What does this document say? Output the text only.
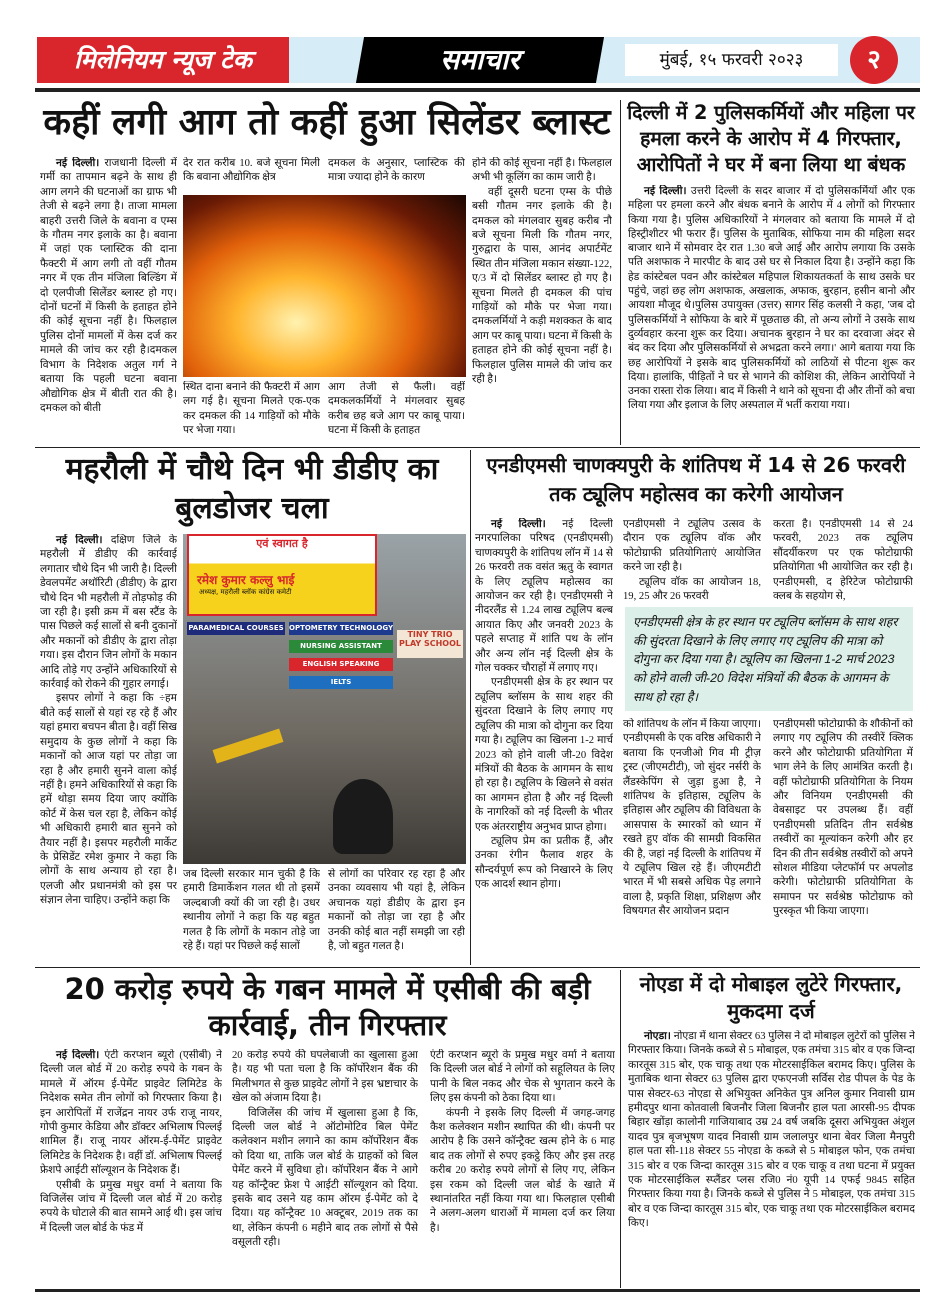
मिलेनियम न्यूज टेक	समाचार	मुंबई, १५ फरवरी २०२३	२
कहीं लगी आग तो कहीं हुआ सिलेंडर ब्लास्ट

नई दिल्ली। राजधानी दिल्ली में गर्मी का तापमान बढ़ने के साथ ही आग लगने की घटनाओं का ग्राफ भी तेजी से बढ़ने लगा है। ताजा मामला बाहरी उत्तरी जिले के बवाना व एम्स के गौतम नगर इलाके का है। बवाना में जहां एक प्लास्टिक की दाना फैक्टरी में आग लगी तो वहीं गौतम नगर में एक तीन मंजिला बिल्डिंग में दो एलपीजी सिलेंडर ब्लास्ट हो गए। दोनों घटनों में किसी के हताहत होने की कोई सूचना नहीं है। फिलहाल पुलिस दोनों मामलों में केस दर्ज कर मामले की जांच कर रही है।दमकल विभाग के निदेशक अतुल गर्ग ने बताया कि पहली घटना बवाना औद्योगिक क्षेत्र में बीती रात की है। दमकल को बीती

देर रात करीब 10. बजे सूचना मिली कि बवाना औद्योगिक क्षेत्र
दमकल के अनुसार, प्लास्टिक की मात्रा ज्यादा होने के कारण
स्थित दाना बनाने की फैक्टरी में आग लग गई है। सूचना मिलते एक-एक कर दमकल की 14 गाड़ियों को मौके पर भेजा गया।
आग तेजी से फैली। वहीं दमकलकर्मियों ने मंगलवार सुबह करीब छह बजे आग पर काबू पाया। घटना में किसी के हताहत
होने की कोई सूचना नहीं है। फिलहाल अभी भी कूलिंग का काम जारी है।

वहीं दूसरी घटना एम्स के पीछे बसी गौतम नगर इलाके की है। दमकल को मंगलवार सुबह करीब नौ बजे सूचना मिली कि गौतम नगर, गुरुद्वारा के पास, आनंद अपार्टमेंट स्थित तीन मंजिला मकान संख्या-122, ए/3 में दो सिलेंडर ब्लास्ट हो गए है। सूचना मिलते ही दमकल की पांच गाड़ियों को मौके पर भेजा गया। दमकलर्मियों ने कड़ी मशक्कत के बाद आग पर काबू पाया। घटना में किसी के हताहत होने की कोई सूचना नहीं है। फिलहाल पुलिस मामले की जांच कर रही है।

दिल्ली में 2 पुलिसकर्मियों और महिला पर हमला करने के आरोप में 4 गिरफ्तार, आरोपितों ने घर में बना लिया था बंधक

नई दिल्ली। उत्तरी दिल्ली के सदर बाजार में दो पुलिसकर्मियों और एक महिला पर हमला करने और बंधक बनाने के आरोप में 4 लोगों को गिरफ्तार किया गया है। पुलिस अधिकारियों ने मंगलवार को बताया कि मामले में दो हिस्ट्रीशीटर भी फरार हैं। पुलिस के मुताबिक, सोफिया नाम की महिला सदर बाजार थाने में सोमवार देर रात 1.30 बजे आई और आरोप लगाया कि उसके पति अशफाक ने मारपीट के बाद उसे घर से निकाल दिया है। उन्होंने कहा कि हेड कांस्टेबल पवन और कांस्टेबल महिपाल शिकायतकर्ता के साथ उसके घर पहुंचे, जहां छह लोग अशफाक, अखलाक, अफाक, बुरहान, हसीन बानो और आयशा मौजूद थे।पुलिस उपायुक्त (उत्तर) सागर सिंह कलसी ने कहा, 'जब दो पुलिसकर्मियों ने सोफिया के बारे में पूछताछ की, तो अन्य लोगों ने उसके साथ दुर्व्यवहार करना शुरू कर दिया। अचानक बुरहान ने घर का दरवाजा अंदर से बंद कर दिया और पुलिसकर्मियों से अभद्रता करने लगा।' आगे बताया गया कि छह आरोपियों ने इसके बाद पुलिसकर्मियों को लाठियों से पीटना शुरू कर दिया। हालांकि, पीड़ितों ने घर से भागने की कोशिश की, लेकिन आरोपियों ने उनका रास्ता रोक लिया। बाद में किसी ने थाने को सूचना दी और तीनों को बचा लिया गया और इलाज के लिए अस्पताल में भर्ती कराया गया।

महरौली में चौथे दिन भी डीडीए का बुलडोजर चला

नई दिल्ली। दक्षिण जिले के महरौली में डीडीए की कार्रवाई लगातार चौथे दिन भी जारी है। दिल्ली डेवलपमेंट अथॉरिटी (डीडीए) के द्वारा चौथे दिन भी महरौली में तोड़फोड़ की जा रही है। इसी क्रम में बस स्टैंड के पास पिछले कई सालों से बनी दुकानों और मकानों को डीडीए के द्वारा तोड़ा गया। इस दौरान जिन लोगों के मकान आदि तोड़े गए उन्होंने अधिकारियों से कार्रवाई को रोकने की गुहार लगाई।

इसपर लोगों ने कहा कि ÷हम बीते कई सालों से यहां रह रहे हैं और यहां हमारा बचपन बीता है। वहीं सिख समुदाय के कुछ लोगों ने कहा कि मकानों को आज यहां पर तोड़ा जा रहा है और हमारी सुनने वाला कोई नहीं है। हमने अधिकारियों से कहा कि हमें थोड़ा समय दिया जाए क्योंकि कोर्ट में केस चल रहा है, लेकिन कोई भी अधिकारी हमारी बात सुनने को तैयार नहीं है। इसपर महरौली मार्केट के प्रेसिडेंट रमेश कुमार ने कहा कि लोगों के साथ अन्याय हो रहा है। एलजी और प्रधानमंत्री को इस पर संज्ञान लेना चाहिए। उन्होंने कहा कि

एवं स्वागत है
रमेश कुमार कल्लु भाई
अध्यक्ष, महरौली ब्लॉक कांग्रेस कमेटी
PARAMEDICAL COURSES OPTOMETRY TECHNOLOGY
NURSING ASSISTANT
ENGLISH SPEAKING
IELTS
TINY TRIO PLAY SCHOOL
जब दिल्ली सरकार मान चुकी है कि हमारी डिमार्केशन गलत थी तो इसमें जल्दबाजी क्यों की जा रही है। उधर स्थानीय लोगों ने कहा कि यह बहुत गलत है कि लोगों के मकान तोड़े जा रहे हैं। यहां पर पिछले कई सालों
से लोगों का परिवार रह रहा है और उनका व्यवसाय भी यहां है, लेकिन अचानक यहां डीडीए के द्वारा इन मकानों को तोड़ा जा रहा है और उनकी कोई बात नहीं समझी जा रही है, जो बहुत गलत है।
एनडीएमसी चाणक्यपुरी के शांतिपथ में 14 से 26 फरवरी तक ट्यूलिप महोत्सव का करेगी आयोजन

नई दिल्ली। नई दिल्ली नगरपालिका परिषद (एनडीएमसी) चाणक्यपुरी के शांतिपथ लॉन में 14 से 26 फरवरी तक वसंत ऋतु के स्वागत के लिए ट्यूलिप महोत्सव का आयोजन कर रही है। एनडीएमसी ने नीदरलैंड से 1.24 लाख ट्यूलिप बल्ब आयात किए और जनवरी 2023 के पहले सप्ताह में शांति पथ के लॉन और अन्य लॉन नई दिल्ली क्षेत्र के गोल चक्कर चौराहों में लगाए गए।

एनडीएमसी क्षेत्र के हर स्थान पर ट्यूलिप ब्लॉसम के साथ शहर की सुंदरता दिखाने के लिए लगाए गए ट्यूलिप की मात्रा को दोगुना कर दिया गया है। ट्यूलिप का खिलना 1-2 मार्च 2023 को होने वाली जी-20 विदेश मंत्रियों की बैठक के आगमन के साथ हो रहा है। ट्यूलिप के खिलने से वसंत का आगमन होता है और नई दिल्ली के नागरिकों को नई दिल्ली के भीतर एक अंतरराष्ट्रीय अनुभव प्राप्त होगा।

ट्यूलिप प्रेम का प्रतीक हैं, और उनका रंगीन फैलाव शहर के सौन्दर्यपूर्ण रूप को निखारने के लिए एक आदर्श स्थान होगा।

एनडीएमसी ने ट्यूलिप उत्सव के दौरान एक ट्यूलिप वॉक और फोटोग्राफी प्रतियोगिताएं आयोजित करने जा रही है।

ट्यूलिप वॉक का आयोजन 18, 19, 25 और 26 फरवरी

करता है। एनडीएमसी 14 से 24 फरवरी, 2023 तक ट्यूलिप सौंदर्यीकरण पर एक फोटोग्राफी प्रतियोगिता भी आयोजित कर रही है। एनडीएमसी, द हेरिटेज फोटोग्राफी क्लब के सहयोग से,
एनडीएमसी क्षेत्र के हर स्थान पर ट्यूलिप ब्लॉसम के साथ शहर की सुंदरता दिखाने के लिए लगाए गए ट्यूलिप की मात्रा को दोगुना कर दिया गया है। ट्यूलिप का खिलना 1-2 मार्च 2023 को होने वाली जी-20 विदेश मंत्रियों की बैठक के आगमन के साथ हो रहा है।
को शांतिपथ के लॉन में किया जाएगा। एनडीएमसी के एक वरिष्ठ अधिकारी ने बताया कि एनजीओ गिव मी ट्रीज़ ट्रस्ट (जीएमटीटी), जो सुंदर नर्सरी के लैंडस्केपिंग से जुड़ा हुआ है, ने शांतिपथ के इतिहास, ट्यूलिप के इतिहास और ट्यूलिप की विविधता के आसपास के स्मारकों को ध्यान में रखते हुए वॉक की सामग्री विकसित की है, जहां नई दिल्ली के शांतिपथ में ये ट्यूलिप खिल रहे हैं। जीएमटीटी भारत में भी सबसे अधिक पेड़ लगाने वाला है, प्रकृति शिक्षा, प्रशिक्षण और विषयगत सैर आयोजन प्रदान
एनडीएमसी फोटोग्राफी के शौकीनों को लगाए गए ट्यूलिप की तस्वीरें क्लिक करने और फोटोग्राफी प्रतियोगिता में भाग लेने के लिए आमंत्रित करती है। वहीं फोटोग्राफी प्रतियोगिता के नियम और विनियम एनडीएमसी की वेबसाइट पर उपलब्ध हैं। वहीं एनडीएमसी प्रतिदिन तीन सर्वश्रेष्ठ तस्वीरों का मूल्यांकन करेगी और हर दिन की तीन सर्वश्रेष्ठ तस्वीरों को अपने सोशल मीडिया प्लेटफॉर्म पर अपलोड करेगी। फोटोग्राफी प्रतियोगिता के समापन पर सर्वश्रेष्ठ फोटोग्राफ को पुरस्कृत भी किया जाएगा।
20 करोड़ रुपये के गबन मामले में एसीबी की बड़ी कार्रवाई, तीन गिरफ्तार

नई दिल्ली। एंटी करप्शन ब्यूरो (एसीबी) ने दिल्ली जल बोर्ड में 20 करोड़ रुपये के गबन के मामले में ऑरम ई-पेमेंट प्राइवेट लिमिटेड के निदेशक समेत तीन लोगों को गिरफ्तार किया है। इन आरोपितों में राजेंद्रन नायर उर्फ राजू नायर, गोपी कुमार केडिया और डॉक्टर अभिलाष पिल्लई शामिल हैं। राजू नायर ऑरम-ई-पेमेंट प्राइवेट लिमिटेड के निदेशक है। वहीं डॉ. अभिलाष पिल्लई फ्रेशपे आईटी सॉल्यूशन के निदेशक हैं।

एसीबी के प्रमुख मधुर वर्मा ने बताया कि विजिलेंस जांच में दिल्ली जल बोर्ड में 20 करोड़ रुपये के घोटाले की बात सामने आई थी। इस जांच में दिल्ली जल बोर्ड के फंड में

20 करोड़ रुपये की घपलेबाजी का खुलासा हुआ है। यह भी पता चला है कि कॉर्पोरेशन बैंक की मिलीभगत से कुछ प्राइवेट लोगों ने इस भ्रष्टाचार के खेल को अंजाम दिया है।

विजिलेंस की जांच में खुलासा हुआ है कि, दिल्ली जल बोर्ड ने ऑटोमोटिव बिल पेमेंट कलेक्शन मशीन लगाने का काम कॉर्पोरेशन बैंक को दिया था, ताकि जल बोर्ड के ग्राहकों को बिल पेमेंट करने में सुविधा हो। कॉर्पोरेशन बैंक ने आगे यह कॉन्ट्रैक्ट फ्रेश पे आईटी सॉल्यूशन को दिया. इसके बाद उसने यह काम ऑरम ई-पेमेंट को दे दिया। यह कॉन्ट्रैक्ट 10 अक्टूबर, 2019 तक का था, लेकिन कंपनी 6 महीने बाद तक लोगों से पैसे वसूलती रही।

एंटी करप्शन ब्यूरो के प्रमुख मधुर वर्मा ने बताया कि दिल्ली जल बोर्ड ने लोगों को सहूलियत के लिए पानी के बिल नकद और चेक से भुगतान करने के लिए इस कंपनी को ठेका दिया था।

कंपनी ने इसके लिए दिल्ली में जगह-जगह कैश कलेक्शन मशीन स्थापित की थी। कंपनी पर आरोप है कि उसने कॉन्ट्रैक्ट खत्म होने के 6 माह बाद तक लोगों से रुपए इकट्ठे किए और इस तरह करीब 20 करोड़ रुपये लोगों से लिए गए, लेकिन इस रकम को दिल्ली जल बोर्ड के खाते में स्थानांतरित नहीं किया गया था। फिलहाल एसीबी ने अलग-अलग धाराओं में मामला दर्ज कर लिया है।

नोएडा में दो मोबाइल लुटेरे गिरफ्तार, मुकदमा दर्ज

नोएडा। नोएडा में थाना सेक्टर 63 पुलिस ने दो मोबाइल लुटेरों को पुलिस ने गिरफ्तार किया। जिनके कब्जे से 5 मोबाइल, एक तमंचा 315 बोर व एक जिन्दा कारतूस 315 बोर, एक चाकू तथा एक मोटरसाईकिल बरामद किए। पुलिस के मुताबिक थाना सेक्टर 63 पुलिस द्वारा एफएनजी सर्विस रोड पीपल के पेड के पास सेक्टर-63 नोएडा से अभियुक्त अनिकेत पुत्र अनिल कुमार निवासी ग्राम हमीदपुर थाना कोतवाली बिजनौर जिला बिजनौर हाल पता आरसी-95 दीपक बिहार खोंड़ा कालोनी गाजियाबाद उम्र 24 वर्ष जबकि दूसरा अभियुक्त अंशुल यादव पुत्र बृजभूषण यादव निवासी ग्राम जलालपुर थाना बेवर जिला मैनपुरी हाल पता सी-118 सेक्टर 55 नोएडा के कब्जे से 5 मोबाइल फोन, एक तमंचा 315 बोर व एक जिन्दा कारतूस 315 बोर व एक चाकू व तथा घटना में प्रयुक्त एक मोटरसाईकिल स्प्लैंडर प्लस रजि0 नं0 यूपी 14 एफई 9845 सहित गिरफ्तार किया गया है। जिनके कब्जे से पुलिस ने 5 मोबाइल, एक तमंचा 315 बोर व एक जिन्दा कारतूस 315 बोर, एक चाकू तथा एक मोटरसाईकिल बरामद किए।
